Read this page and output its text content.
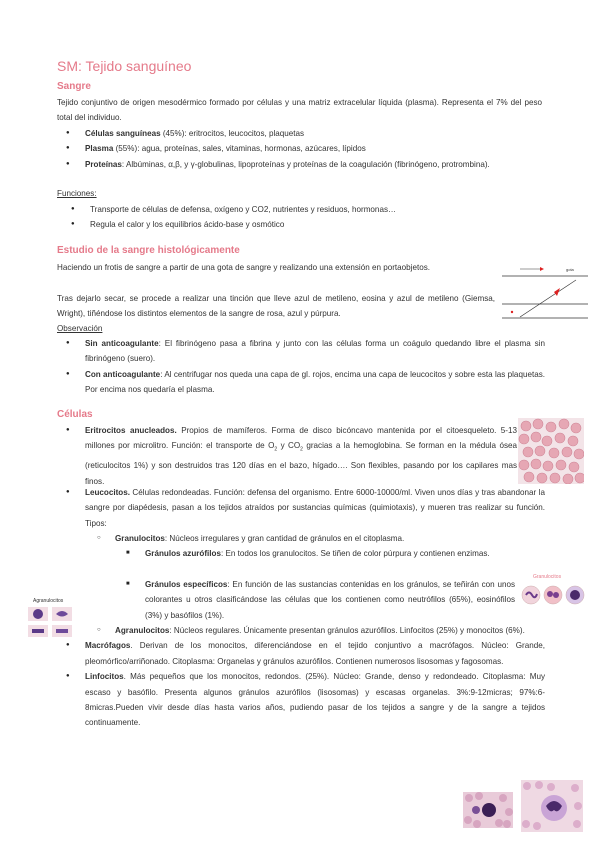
SM: Tejido sanguíneo
Sangre
Tejido conjuntivo de origen mesodérmico formado por células y una matriz extracelular líquida (plasma). Representa el 7% del peso total del individuo.
● Células sanguíneas (45%): eritrocitos, leucocitos, plaquetas
● Plasma (55%): agua, proteínas, sales, vitaminas, hormonas, azúcares, lípidos
● Proteínas: Albúminas, α,β, y γ-globulinas, lipoproteínas y proteínas de la coagulación (fibrinógeno, protrombina).
Funciones:
● Transporte de células de defensa, oxígeno y CO2, nutrientes y residuos, hormonas…
● Regula el calor y los equilibrios ácido-base y osmótico
Estudio de la sangre histológicamente
Haciendo un frotis de sangre a partir de una gota de sangre y realizando una extensión en portaobjetos.
Tras dejarlo secar, se procede a realizar una tinción que lleve azul de metileno, eosina y azul de metileno (Giemsa, Wright), tiñéndose los distintos elementos de la sangre de rosa, azul y púrpura.
Observación
● Sin anticoagulante: El fibrinógeno pasa a fibrina y junto con las células forma un coágulo quedando libre el plasma sin fibrinógeno (suero).
● Con anticoagulante: Al centrifugar nos queda una capa de gl. rojos, encima una capa de leucocitos y sobre esta las plaquetas. Por encima nos quedaría el plasma.
gota
Células
● Eritrocitos anucleados. Propios de mamíferos. Forma de disco bicóncavo mantenida por el citoesqueleto. 5-13 millones por microlitro. Función: el transporte de $O_2$ y $CO_2$ gracias a la hemoglobina. Se forman en la médula ósea (reticulocitos 1%) y son destruidos tras 120 días en el bazo, hígado…. Son flexibles, pasando por los capilares mas finos.
● Leucocitos. Células redondeadas. Función: defensa del organismo. Entre 6000-10000/ml. Viven unos días y tras abandonar la sangre por diapédesis, pasan a los tejidos atraídos por sustancias químicas (quimiotaxis), y mueren tras realizar su función. Tipos:
○ Granulocitos: Núcleos irregulares y gran cantidad de gránulos en el citoplasma.
■ Gránulos azurófilos: En todos los granulocitos. Se tiñen de color púrpura y contienen enzimas.
■ Gránulos específicos: En función de las sustancias contenidas en los gránulos, se teñirán con unos colorantes u otros clasificándose las células que los contienen como neutrófilos (65%), eosinófilos (3%) y basófilos (1%).
○ Agranulocitos: Núcleos regulares. Únicamente presentan gránulos azurófilos. Linfocitos (25%) y monocitos (6%).
● Macrófagos. Derivan de los monocitos, diferenciándose en el tejido conjuntivo a macrófagos. Núcleo: Grande, pleomórfico/arriñonado. Citoplasma: Organelas y gránulos azurófilos. Contienen numerosos lisosomas y fagosomas.
● Linfocitos. Más pequeños que los monocitos, redondos. (25%). Núcleo: Grande, denso y redondeado. Citoplasma: Muy escaso y basófilo. Presenta algunos gránulos azurófilos (lisosomas) y escasas organelas. 3%:9-12micras; 97%:6-8micras.Pueden vivir desde días hasta varios años, pudiendo pasar de los tejidos a sangre y de la sangre a tejidos continuamente.
Granulocitos
Agranulocitos
